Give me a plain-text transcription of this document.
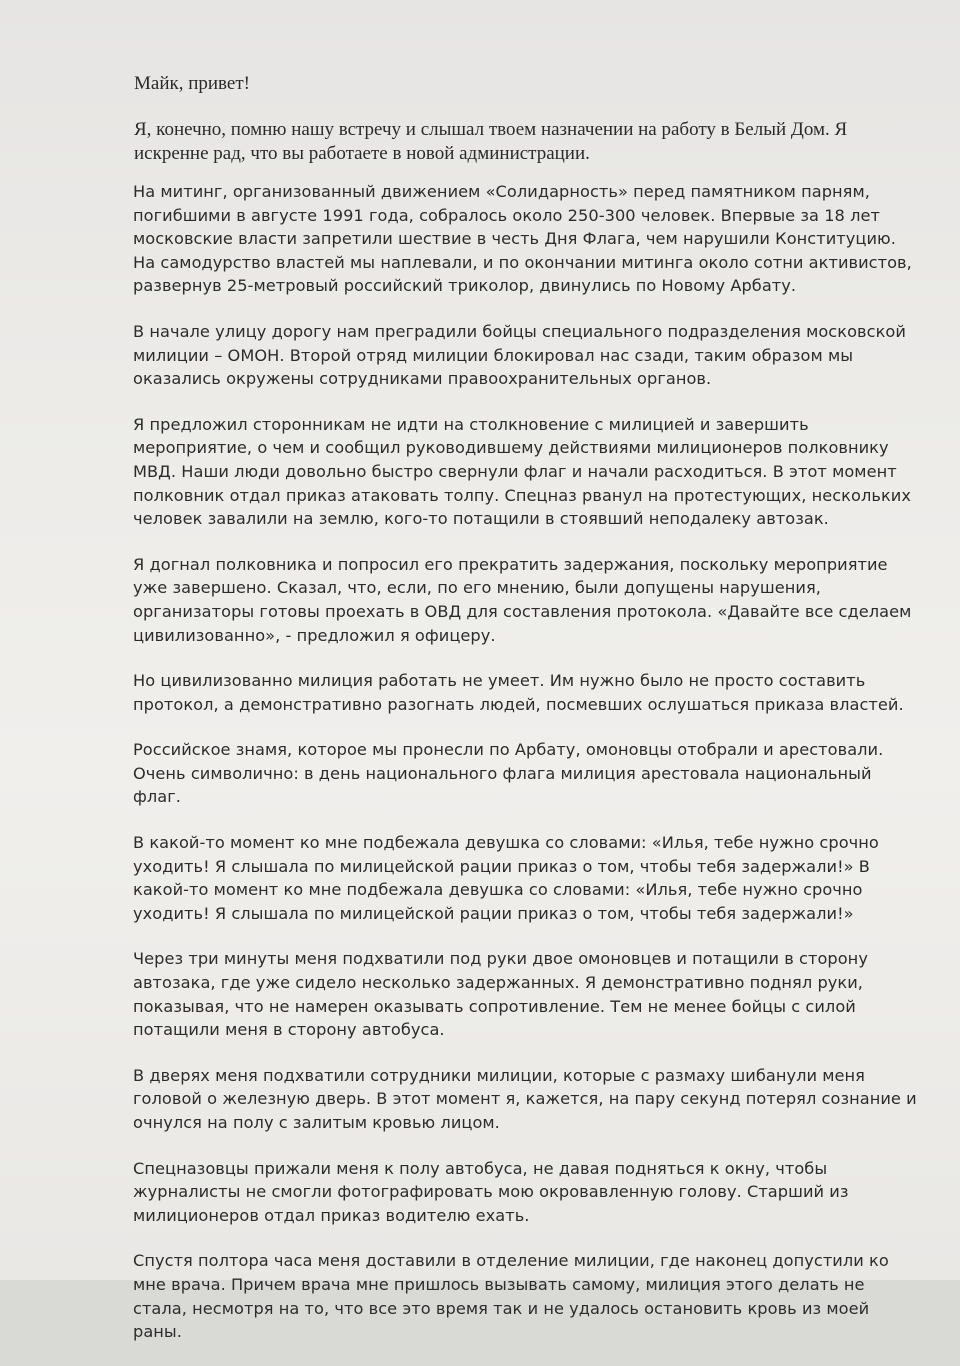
Майк, привет!

Я, конечно, помню нашу встречу и слышал твоем назначении на работу в Белый Дом. Я искренне рад, что вы работаете в новой администрации.

На митинг, организованный движением «Солидарность» перед памятником парням, погибшими в августе 1991 года, собралось около 250-300 человек. Впервые за 18 лет московские власти запретили шествие в честь Дня Флага, чем нарушили Конституцию. На самодурство властей мы наплевали, и по окончании митинга около сотни активистов, развернув 25-метровый российский триколор, двинулись по Новому Арбату.

В начале улицу дорогу нам преградили бойцы специального подразделения московской милиции – ОМОН. Второй отряд милиции блокировал нас сзади, таким образом мы оказались окружены сотрудниками правоохранительных органов.

Я предложил сторонникам не идти на столкновение с милицией и завершить мероприятие, о чем и сообщил руководившему действиями милиционеров полковнику МВД. Наши люди довольно быстро свернули флаг и начали расходиться. В этот момент полковник отдал приказ атаковать толпу. Спецназ рванул на протестующих, нескольких человек завалили на землю, кого-то потащили в стоявший неподалеку автозак.

Я догнал полковника и попросил его прекратить задержания, поскольку мероприятие уже завершено. Сказал, что, если, по его мнению, были допущены нарушения, организаторы готовы проехать в ОВД для составления протокола. «Давайте все сделаем цивилизованно», - предложил я офицеру.

Но цивилизованно милиция работать не умеет. Им нужно было не просто составить протокол, а демонстративно разогнать людей, посмевших ослушаться приказа властей.

Российское знамя, которое мы пронесли по Арбату, омоновцы отобрали и арестовали. Очень символично: в день национального флага милиция арестовала национальный флаг.

В какой-то момент ко мне подбежала девушка со словами: «Илья, тебе нужно срочно уходить! Я слышала по милицейской рации приказ о том, чтобы тебя задержали!» В какой-то момент ко мне подбежала девушка со словами: «Илья, тебе нужно срочно уходить! Я слышала по милицейской рации приказ о том, чтобы тебя задержали!»

Через три минуты меня подхватили под руки двое омоновцев и потащили в сторону автозака, где уже сидело несколько задержанных. Я демонстративно поднял руки, показывая, что не намерен оказывать сопротивление. Тем не менее бойцы с силой потащили меня в сторону автобуса.

В дверях меня подхватили сотрудники милиции, которые с размаху шибанули меня головой о железную дверь. В этот момент я, кажется, на пару секунд потерял сознание и очнулся на полу с залитым кровью лицом.

Спецназовцы прижали меня к полу автобуса, не давая подняться к окну, чтобы журналисты не смогли фотографировать мою окровавленную голову. Старший из милиционеров отдал приказ водителю ехать.

Спустя полтора часа меня доставили в отделение милиции, где наконец допустили ко мне врача. Причем врача мне пришлось вызывать самому, милиция этого делать не стала, несмотря на то, что все это время так и не удалось остановить кровь из моей раны.
